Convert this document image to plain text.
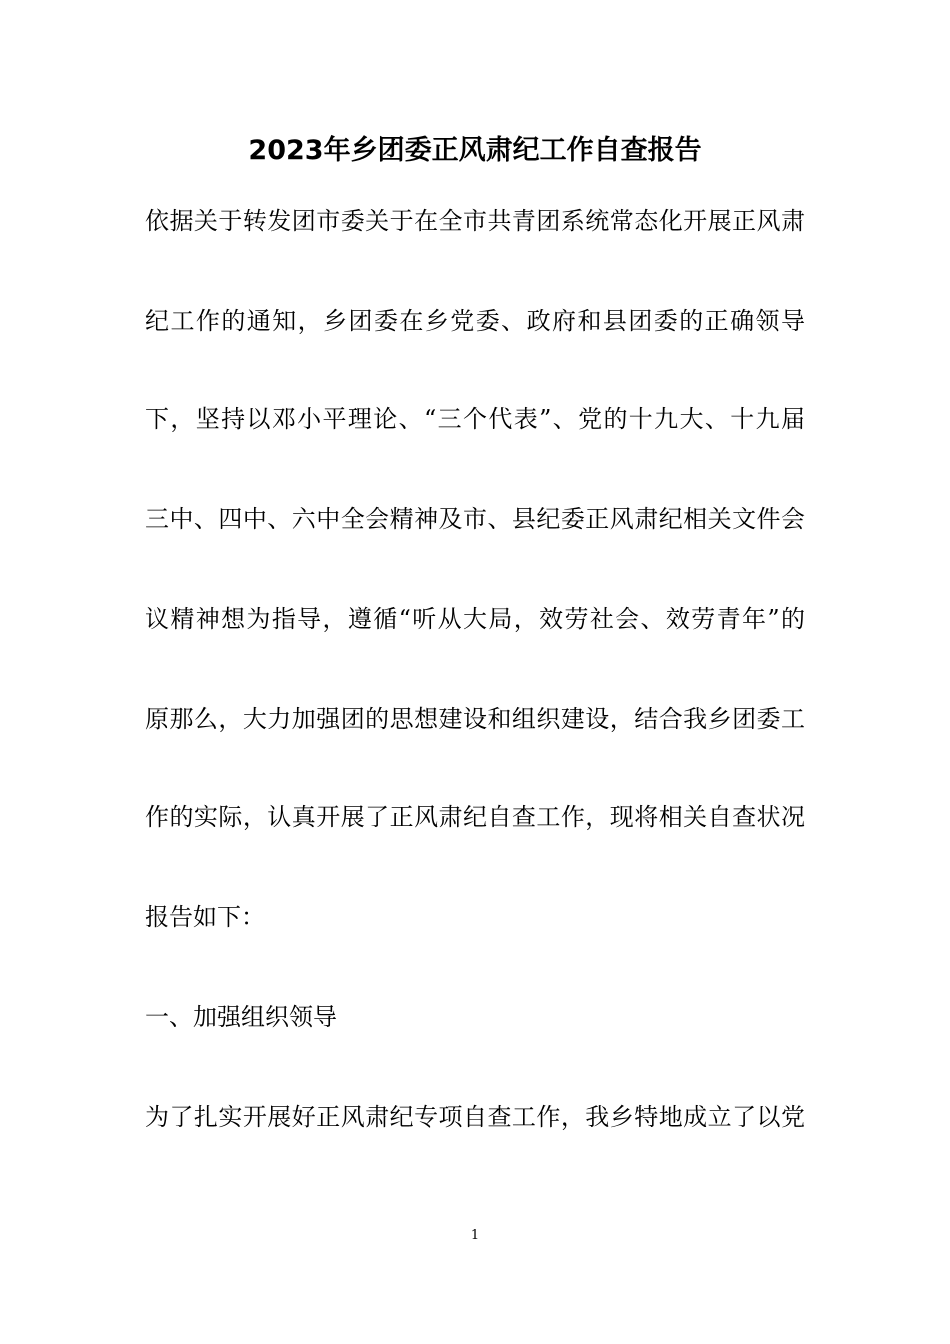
2023年乡团委正风肃纪工作自查报告
依据关于转发团市委关于在全市共青团系统常态化开展正风肃
纪工作的通知，乡团委在乡党委、政府和县团委的正确领导
下，坚持以邓小平理论、“三个代表”、党的十九大、十九届
三中、四中、六中全会精神及市、县纪委正风肃纪相关文件会
议精神想为指导，遵循“听从大局，效劳社会、效劳青年”的
原那么，大力加强团的思想建设和组织建设，结合我乡团委工
作的实际，认真开展了正风肃纪自查工作，现将相关自查状况
报告如下：
一、加强组织领导
为了扎实开展好正风肃纪专项自查工作，我乡特地成立了以党
1
